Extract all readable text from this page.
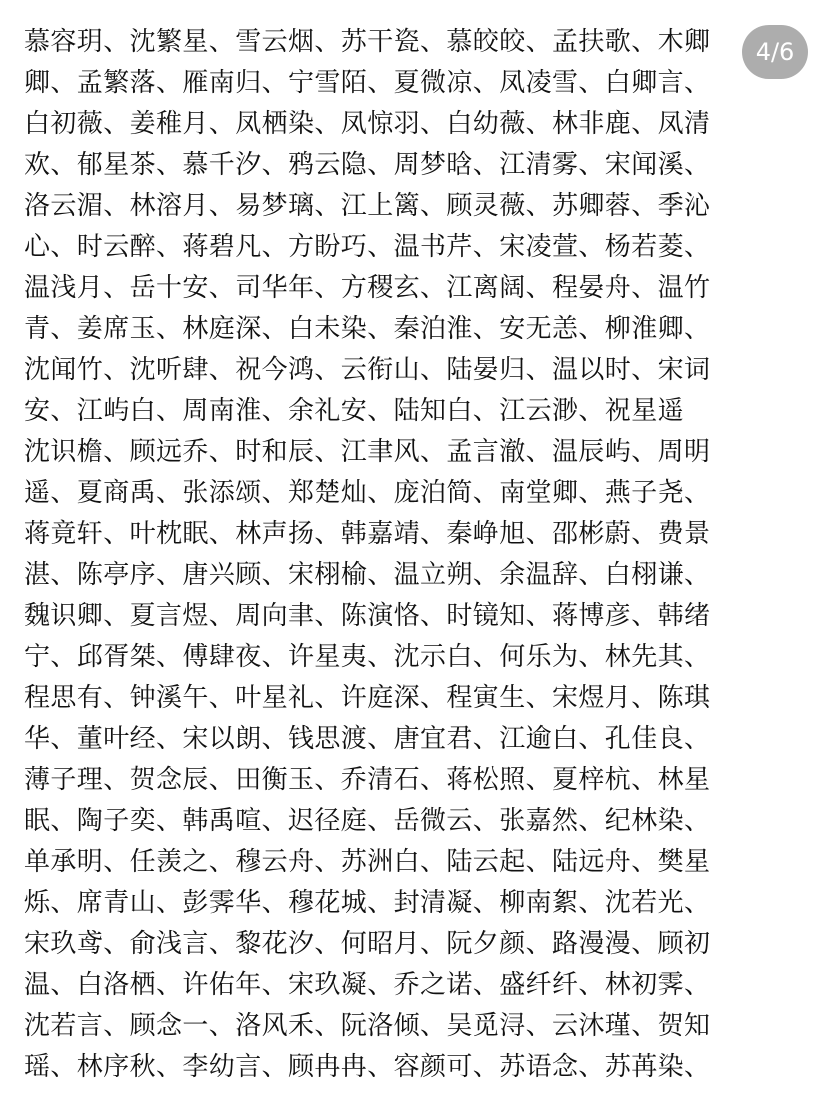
慕容玥、沈繁星、雪云烟、苏干瓷、慕皎皎、孟扶歌、木卿
卿、孟繁落、雁南归、宁雪陌、夏微凉、凤凌雪、白卿言、
白初薇、姜稚月、凤栖染、凤惊羽、白幼薇、林非鹿、凤清
欢、郁星茶、慕千汐、鸦云隐、周梦晗、江清雾、宋闻溪、
洛云湄、林溶月、易梦璃、江上篱、顾灵薇、苏卿蓉、季沁
心、时云醉、蒋碧凡、方盼巧、温书芹、宋凌萱、杨若菱、
温浅月、岳十安、司华年、方稷玄、江离阔、程晏舟、温竹
青、姜席玉、林庭深、白未染、秦泊淮、安无恙、柳淮卿、
沈闻竹、沈听肆、祝今鸿、云衔山、陆晏归、温以时、宋词
安、江屿白、周南淮、余礼安、陆知白、江云渺、祝星遥
沈识檐、顾远乔、时和辰、江聿风、孟言澈、温辰屿、周明
遥、夏商禹、张添颂、郑楚灿、庞泊简、南堂卿、燕子尧、
蒋竟轩、叶枕眠、林声扬、韩嘉靖、秦峥旭、邵彬蔚、费景
湛、陈亭序、唐兴顾、宋栩榆、温立朔、余温辞、白栩谦、
魏识卿、夏言煜、周向聿、陈演恪、时镜知、蒋博彦、韩绪
宁、邱胥桀、傅肆夜、许星夷、沈示白、何乐为、林先其、
程思有、钟溪午、叶星礼、许庭深、程寅生、宋煜月、陈琪
华、董叶经、宋以朗、钱思渡、唐宜君、江逾白、孔佳良、
薄子理、贺念辰、田衡玉、乔清石、蒋松照、夏梓杭、林星
眠、陶子奕、韩禹喧、迟径庭、岳微云、张嘉然、纪林染、
单承明、任羡之、穆云舟、苏洲白、陆云起、陆远舟、樊星
烁、席青山、彭霁华、穆花城、封清凝、柳南絮、沈若光、
宋玖鸢、俞浅言、黎花汐、何昭月、阮夕颜、路漫漫、顾初
温、白洛栖、许佑年、宋玖凝、乔之诺、盛纤纤、林初霁、
沈若言、顾念一、洛风禾、阮洛倾、吴觅浔、云沐瑾、贺知
瑶、林序秋、李幼言、顾冉冉、容颜可、苏语念、苏苒染、
4/6
